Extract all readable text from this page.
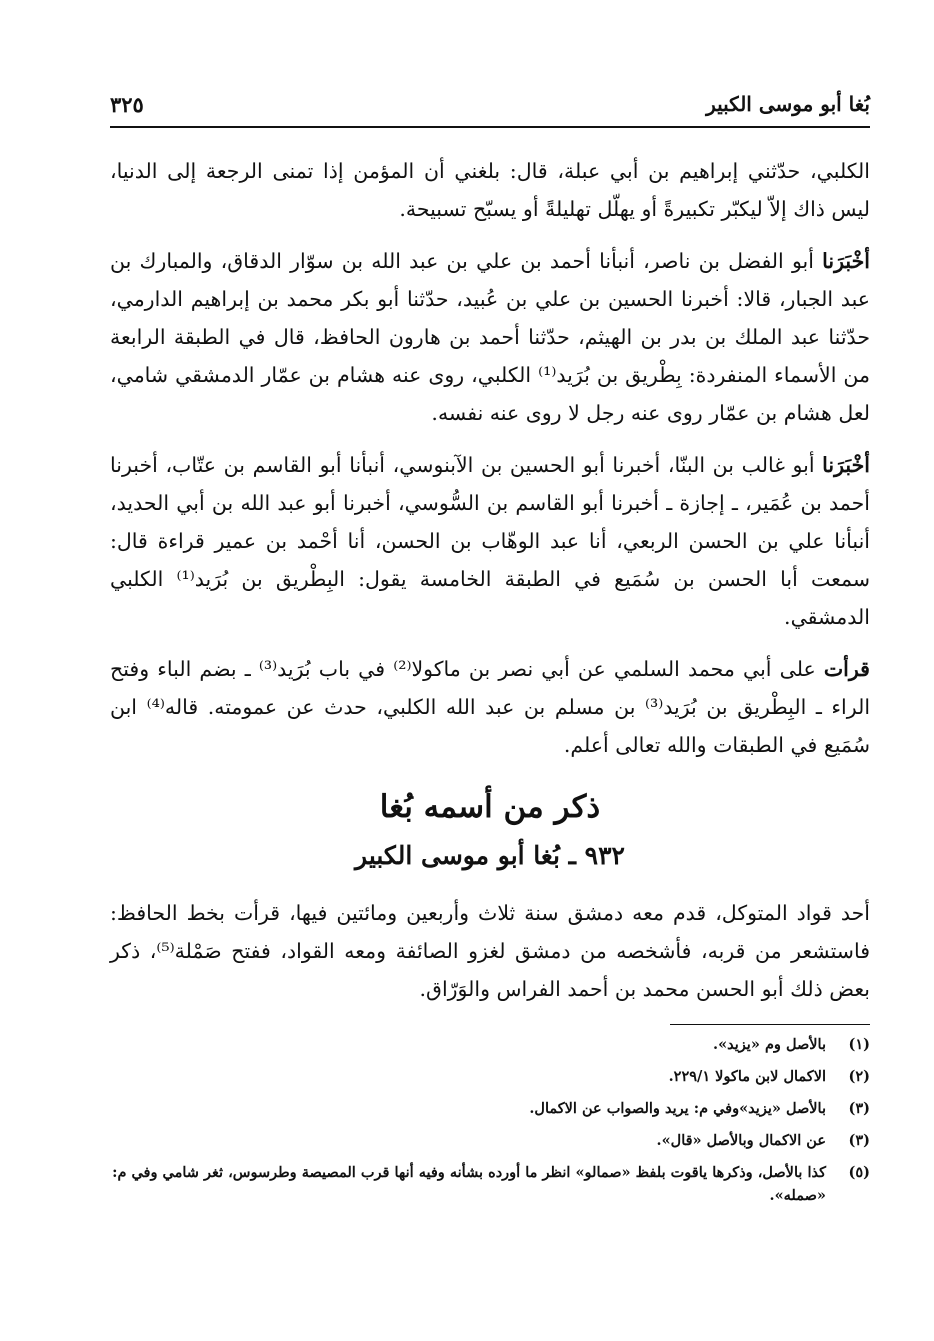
بُغا أبو موسى الكبير
٣٢٥

الكلبي، حدّثني إبراهيم بن أبي عبلة، قال: بلغني أن المؤمن إذا تمنى الرجعة إلى الدنيا، ليس ذاك إلاّ ليكبّر تكبيرةً أو يهلّل تهليلةً أو يسبّح تسبيحة.

أخْبَرَنا أبو الفضل بن ناصر، أنبأنا أحمد بن علي بن عبد الله بن سوّار الدقاق، والمبارك بن عبد الجبار، قالا: أخبرنا الحسين بن علي بن عُبيد، حدّثنا أبو بكر محمد بن إبراهيم الدارمي، حدّثنا عبد الملك بن بدر بن الهيثم، حدّثنا أحمد بن هارون الحافظ، قال في الطبقة الرابعة من الأسماء المنفردة: بِطْريق بن بُرَيد⁽¹⁾ الكلبي، روى عنه هشام بن عمّار الدمشقي شامي، لعل هشام بن عمّار روى عنه رجل لا روى عنه نفسه.

أخْبَرَنا أبو غالب بن البنّا، أخبرنا أبو الحسين بن الآبنوسي، أنبأنا أبو القاسم بن عتّاب، أخبرنا أحمد بن عُمَير، ـ إجازة ـ أخبرنا أبو القاسم بن السُّوسي، أخبرنا أبو عبد الله بن أبي الحديد، أنبأنا علي بن الحسن الربعي، أنا عبد الوهّاب بن الحسن، أنا أحْمد بن عمير قراءة قال: سمعت أبا الحسن بن سُمَيع في الطبقة الخامسة يقول: البِطْريق بن بُرَيد⁽¹⁾ الكلبي الدمشقي.

قرأت على أبي محمد السلمي عن أبي نصر بن ماكولا⁽²⁾ في باب بُرَيد⁽³⁾ ـ بضم الباء وفتح الراء ـ البِطْريق بن بُرَيد⁽³⁾ بن مسلم بن عبد الله الكلبي، حدث عن عمومته. قاله⁽⁴⁾ ابن سُمَيع في الطبقات والله تعالى أعلم.

ذكر من أسمه بُغا
٩٣٢ ـ بُغا أبو موسى الكبير

أحد قواد المتوكل، قدم معه دمشق سنة ثلاث وأربعين ومائتين فيها، قرأت بخط الحافظ: فاستشعر من قربه، فأشخصه من دمشق لغزو الصائفة ومعه القواد، ففتح صَمْلة⁽⁵⁾، ذكر بعض ذلك أبو الحسن محمد بن أحمد الفراس والوَرّاق.

(١)
بالأصل وم «يزيد».
(٢)
الاكمال لابن ماكولا ٢٢٩/١.
(٣)
بالأصل «يزيد»وفي م: يريد والصواب عن الاكمال.
(٣)
عن الاكمال وبالأصل «قال».
(٥)
كذا بالأصل، وذكرها ياقوت بلفظ «صمالو» انظر ما أورده بشأنه وفيه أنها قرب المصيصة وطرسوس، ثغر شامي وفي م: «صمله».
